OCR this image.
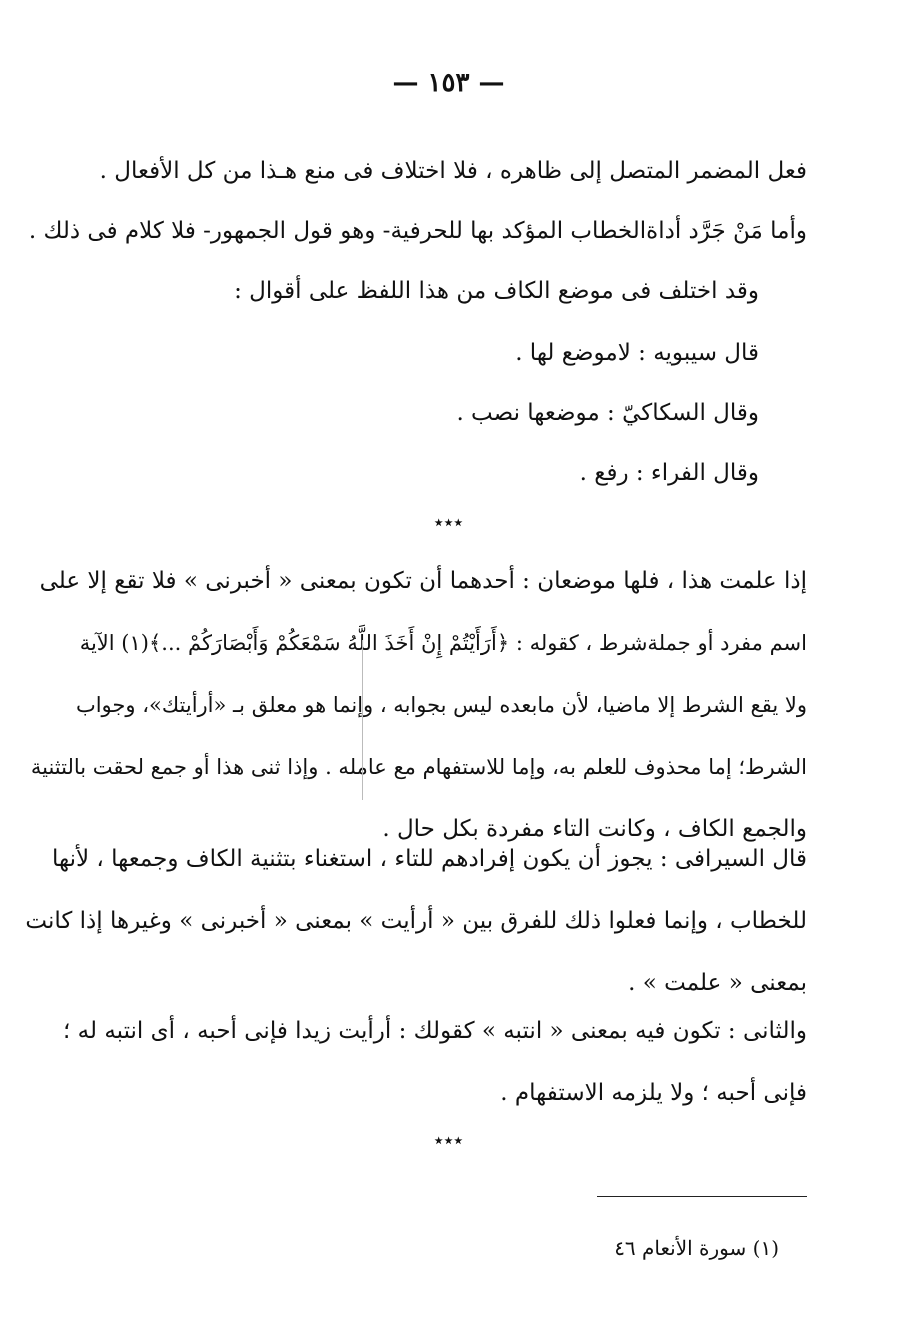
— ١٥٣ —
فعل المضمر المتصل إلى ظاهره ، فلا اختلاف فى منع هـذا من كل الأفعال .
وأما مَنْ جَرَّد أداةالخطاب المؤكد بها للحرفية- وهو قول الجمهور- فلا كلام فى ذلك .
وقد اختلف فى موضع الكاف من هذا اللفظ على أقوال :
قال سيبويه : لاموضع لها .
وقال السكاكيّ : موضعها نصب .
وقال الفراء : رفع .
٭٭٭
إذا علمت هذا ، فلها موضعان : أحدهما أن تكون بمعنى « أخبرنى » فلا تقع إلا على
اسم مفرد أو جملةشرط ، كقوله : ﴿أَرَأَيْتُمْ إِنْ أَخَذَ اللَّهُ سَمْعَكُمْ وَأَبْصَارَكُمْ ...﴾(١) الآية
ولا يقع الشرط إلا ماضيا، لأن مابعده ليس بجوابه ، وإنما هو معلق بـ «أرأيتك»، وجواب
الشرط؛ إما محذوف للعلم به، وإما للاستفهام مع عامله . وإذا ثنى هذا أو جمع لحقت بالتثنية
والجمع الكاف ، وكانت التاء مفردة بكل حال .
قال السيرافى : يجوز أن يكون إفرادهم للتاء ، استغناء بتثنية الكاف وجمعها ، لأنها
للخطاب ، وإنما فعلوا ذلك للفرق بين « أرأيت » بمعنى « أخبرنى » وغيرها إذا كانت
بمعنى « علمت » .
والثانى : تكون فيه بمعنى « انتبه » كقولك : أرأيت زيدا فإنى أحبه ، أى انتبه له ؛
فإنى أحبه ؛ ولا يلزمه الاستفهام .
٭٭٭
(١) سورة الأنعام ٤٦
